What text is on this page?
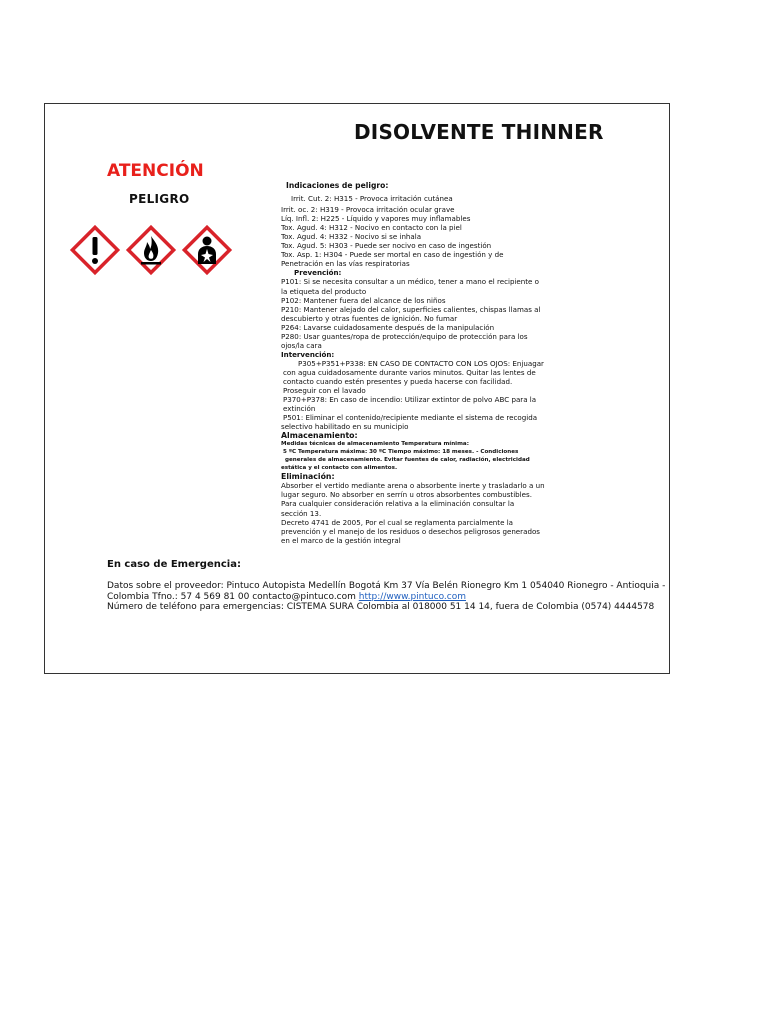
DISOLVENTE THINNER
ATENCIÓN
PELIGRO
Indicaciones de peligro:
Irrit. Cut. 2: H315 - Provoca irritación cutánea
Irrit. oc. 2: H319 - Provoca irritación ocular grave
Líq. Infl. 2: H225 - Líquido y vapores muy inflamables
Tox. Agud. 4: H312 - Nocivo en contacto con la piel
Tox. Agud. 4: H332 - Nocivo si se inhala
Tox. Agud. 5: H303 - Puede ser nocivo en caso de ingestión
Tox. Asp. 1: H304 - Puede ser mortal en caso de ingestión y de
Penetración en las vías respiratorias
Prevención:
P101: Si se necesita consultar a un médico, tener a mano el recipiente o
la etiqueta del producto
P102: Mantener fuera del alcance de los niños
P210: Mantener alejado del calor, superficies calientes, chispas llamas al
descubierto y otras fuentes de ignición. No fumar
P264: Lavarse cuidadosamente después de la manipulación
P280: Usar guantes/ropa de protección/equipo de protección para los
ojos/la cara
Intervención:
P305+P351+P338: EN CASO DE CONTACTO CON LOS OJOS: Enjuagar
con agua cuidadosamente durante varios minutos. Quitar las lentes de
contacto cuando estén presentes y pueda hacerse con facilidad.
Proseguir con el lavado
P370+P378: En caso de incendio: Utilizar extintor de polvo ABC para la
extinción
P501: Eliminar el contenido/recipiente mediante el sistema de recogida
selectivo habilitado en su municipio
Almacenamiento:
Medidas técnicas de almacenamiento Temperatura mínima:
5 ºC Temperatura máxima: 30 ºC Tiempo máximo: 18 meses. - Condiciones
generales de almacenamiento. Evitar fuentes de calor, radiación, electricidad
estática y el contacto con alimentos.
Eliminación:
Absorber el vertido mediante arena o absorbente inerte y trasladarlo a un
lugar seguro. No absorber en serrín u otros absorbentes combustibles.
Para cualquier consideración relativa a la eliminación consultar la
sección 13.
Decreto 4741 de 2005, Por el cual se reglamenta parcialmente la
prevención y el manejo de los residuos o desechos peligrosos generados
en el marco de la gestión integral
En caso de Emergencia:
Datos sobre el proveedor: Pintuco Autopista Medellín Bogotá Km 37 Vía Belén Rionegro Km 1 054040 Rionegro - Antioquia -
Colombia Tfno.: 57 4 569 81 00 contacto@pintuco.com http://www.pintuco.com
Número de teléfono para emergencias: CISTEMA SURA Colombia al 018000 51 14 14, fuera de Colombia (0574) 4444578
